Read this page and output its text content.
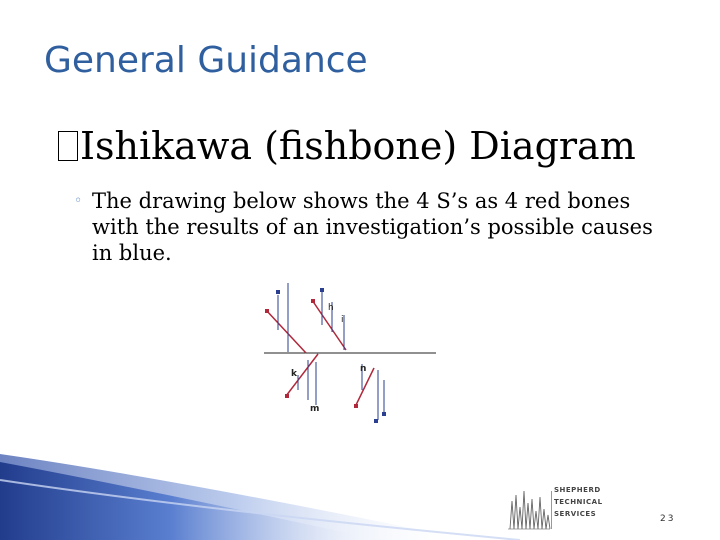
General Guidance
Ishikawa (fishbone) Diagram
◦ The drawing below shows the 4 S’s as 4 red bones with the results of an investigation’s possible causes in blue.
h
i
k
m
n
SHEPHERD
TECHNICAL
SERVICES	23
